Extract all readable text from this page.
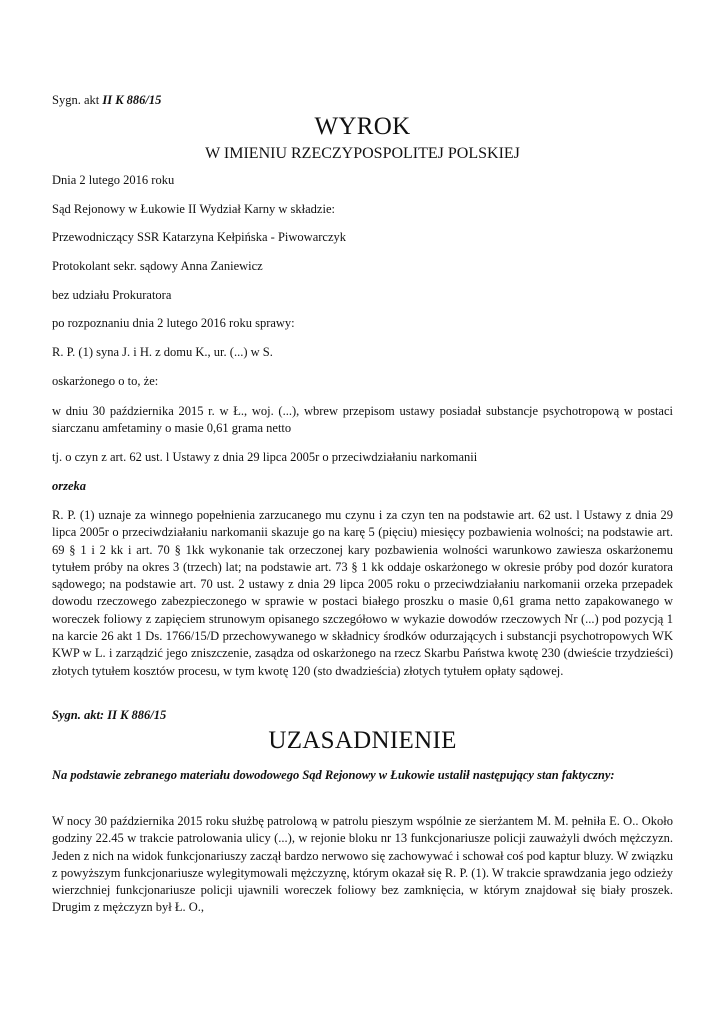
Sygn. akt II K 886/15

WYROK

W IMIENIU RZECZYPOSPOLITEJ POLSKIEJ

Dnia 2 lutego 2016 roku

Sąd Rejonowy w Łukowie II Wydział Karny w składzie:

Przewodniczący SSR Katarzyna Kełpińska - Piwowarczyk

Protokolant sekr. sądowy Anna Zaniewicz

bez udziału Prokuratora

po rozpoznaniu dnia 2 lutego 2016 roku sprawy:

R. P. (1) syna J. i H. z domu K., ur. (...) w S.

oskarżonego o to, że:

w dniu 30 października 2015 r. w Ł., woj. (...), wbrew przepisom ustawy posiadał substancje psychotropową w postaci siarczanu amfetaminy o masie 0,61 grama netto

tj. o czyn z art. 62 ust. l Ustawy z dnia 29 lipca 2005r o przeciwdziałaniu narkomanii

orzeka

R. P. (1) uznaje za winnego popełnienia zarzucanego mu czynu i za czyn ten na podstawie art. 62 ust. l Ustawy z dnia 29 lipca 2005r o przeciwdziałaniu narkomanii skazuje go na karę 5 (pięciu) miesięcy pozbawienia wolności; na podstawie art. 69 § 1 i 2 kk i art. 70 § 1kk wykonanie tak orzeczonej kary pozbawienia wolności warunkowo zawiesza oskarżonemu tytułem próby na okres 3 (trzech) lat; na podstawie art. 73 § 1 kk oddaje oskarżonego w okresie próby pod dozór kuratora sądowego; na podstawie art. 70 ust. 2 ustawy z dnia 29 lipca 2005 roku o przeciwdziałaniu narkomanii orzeka przepadek dowodu rzeczowego zabezpieczonego w sprawie w postaci białego proszku o masie 0,61 grama netto zapakowanego w woreczek foliowy z zapięciem strunowym opisanego szczegółowo w wykazie dowodów rzeczowych Nr (...) pod pozycją 1 na karcie 26 akt 1 Ds. 1766/15/D przechowywanego w składnicy środków odurzających i substancji psychotropowych WK KWP w L. i zarządzić jego zniszczenie, zasądza od oskarżonego na rzecz Skarbu Państwa kwotę 230 (dwieście trzydzieści) złotych tytułem kosztów procesu, w tym kwotę 120 (sto dwadzieścia) złotych tytułem opłaty sądowej.

Sygn. akt: II K 886/15

UZASADNIENIE

Na podstawie zebranego materiału dowodowego Sąd Rejonowy w Łukowie ustalił następujący stan faktyczny:

W nocy 30 października 2015 roku służbę patrolową w patrolu pieszym wspólnie ze sierżantem M. M. pełniła E. O.. Około godziny 22.45 w trakcie patrolowania ulicy (...), w rejonie bloku nr 13 funkcjonariusze policji zauważyli dwóch mężczyzn. Jeden z nich na widok funkcjonariuszy zaczął bardzo nerwowo się zachowywać i schował coś pod kaptur bluzy. W związku z powyższym funkcjonariusze wylegitymowali mężczyznę, którym okazał się R. P. (1). W trakcie sprawdzania jego odzieży wierzchniej funkcjonariusze policji ujawnili woreczek foliowy bez zamknięcia, w którym znajdował się biały proszek. Drugim z mężczyzn był Ł. O.,
